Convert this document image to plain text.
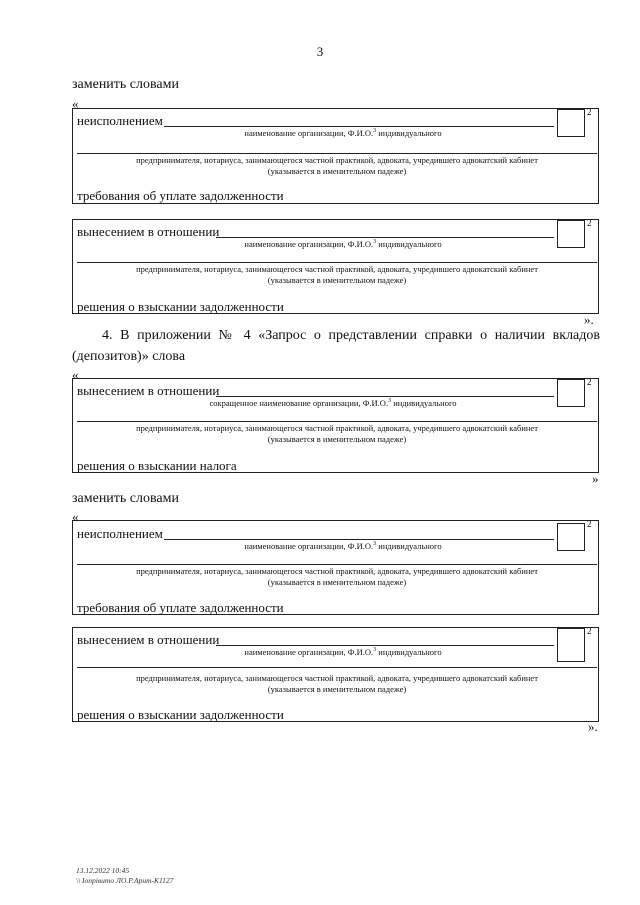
3
заменить словами
«
неисполнением
наименование организации, Ф.И.О.$^3$ индивидуального
предпринимателя, нотариуса, занимающегося частной практикой, адвоката, учредившего адвокатский кабинет
(указывается в именительном падеже)
требования об уплате задолженности
2
вынесением в отношении
наименование организации, Ф.И.О.$^3$ индивидуального
предпринимателя, нотариуса, занимающегося частной практикой, адвоката, учредившего адвокатский кабинет
(указывается в именительном падеже)
решения о взыскании задолженности
2
».
4. В приложении № 4 «Запрос о представлении справки о наличии вкладов (депозитов)» слова
«
вынесением в отношении
сокращенное наименование организации, Ф.И.О.$^3$ индивидуального
предпринимателя, нотариуса, занимающегося частной практикой, адвоката, учредившего адвокатский кабинет
(указывается в именительном падеже)
решения о взыскании налога
2
»
заменить словами
«
неисполнением
наименование организации, Ф.И.О.$^3$ индивидуального
предпринимателя, нотариуса, занимающегося частной практикой, адвоката, учредившего адвокатский кабинет
(указывается в именительном падеже)
требования об уплате задолженности
2
вынесением в отношении
наименование организации, Ф.И.О.$^3$ индивидуального
предпринимателя, нотариуса, занимающегося частной практикой, адвоката, учредившего адвокатский кабинет
(указывается в именительном падеже)
решения о взыскании задолженности
2
».
13.12.2022 10:45
\\ Іопрівито ЛО.Р.Арит-К1127
